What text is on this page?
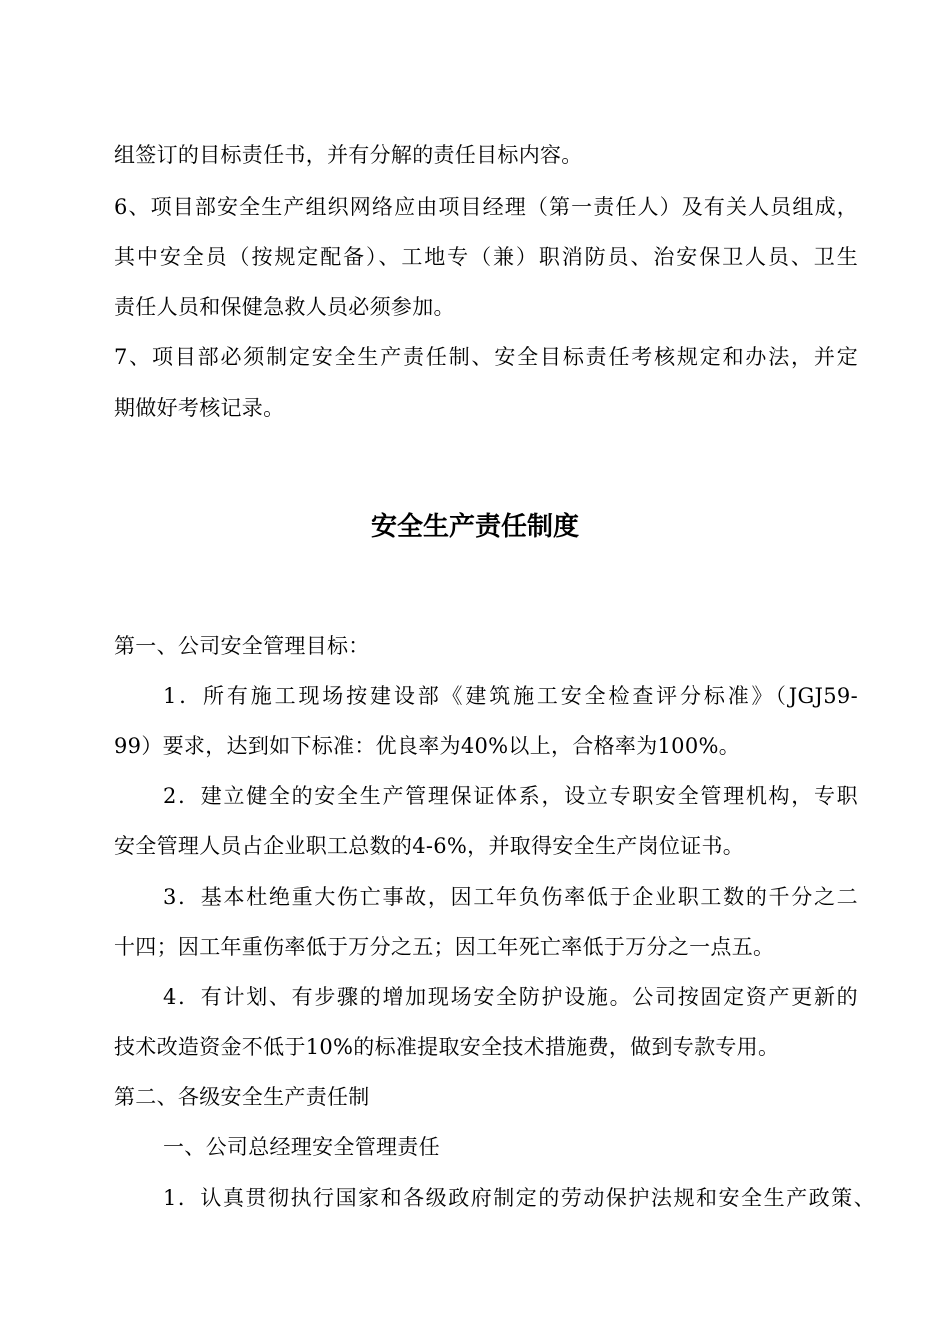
组签订的目标责任书，并有分解的责任目标内容。
6、项目部安全生产组织网络应由项目经理（第一责任人）及有关人员组成，
其中安全员（按规定配备）、工地专（兼）职消防员、治安保卫人员、卫生
责任人员和保健急救人员必须参加。
7、项目部必须制定安全生产责任制、安全目标责任考核规定和办法，并定
期做好考核记录。
安全生产责任制度
第一、公司安全管理目标：
1．所有施工现场按建设部《建筑施工安全检查评分标准》（JGJ59-
99）要求，达到如下标准：优良率为40%以上，合格率为100%。
2．建立健全的安全生产管理保证体系，设立专职安全管理机构，专职
安全管理人员占企业职工总数的4-6%，并取得安全生产岗位证书。
3．基本杜绝重大伤亡事故，因工年负伤率低于企业职工数的千分之二
十四；因工年重伤率低于万分之五；因工年死亡率低于万分之一点五。
4．有计划、有步骤的增加现场安全防护设施。公司按固定资产更新的
技术改造资金不低于10%的标准提取安全技术措施费，做到专款专用。
第二、各级安全生产责任制
一、公司总经理安全管理责任
1．认真贯彻执行国家和各级政府制定的劳动保护法规和安全生产政策、
